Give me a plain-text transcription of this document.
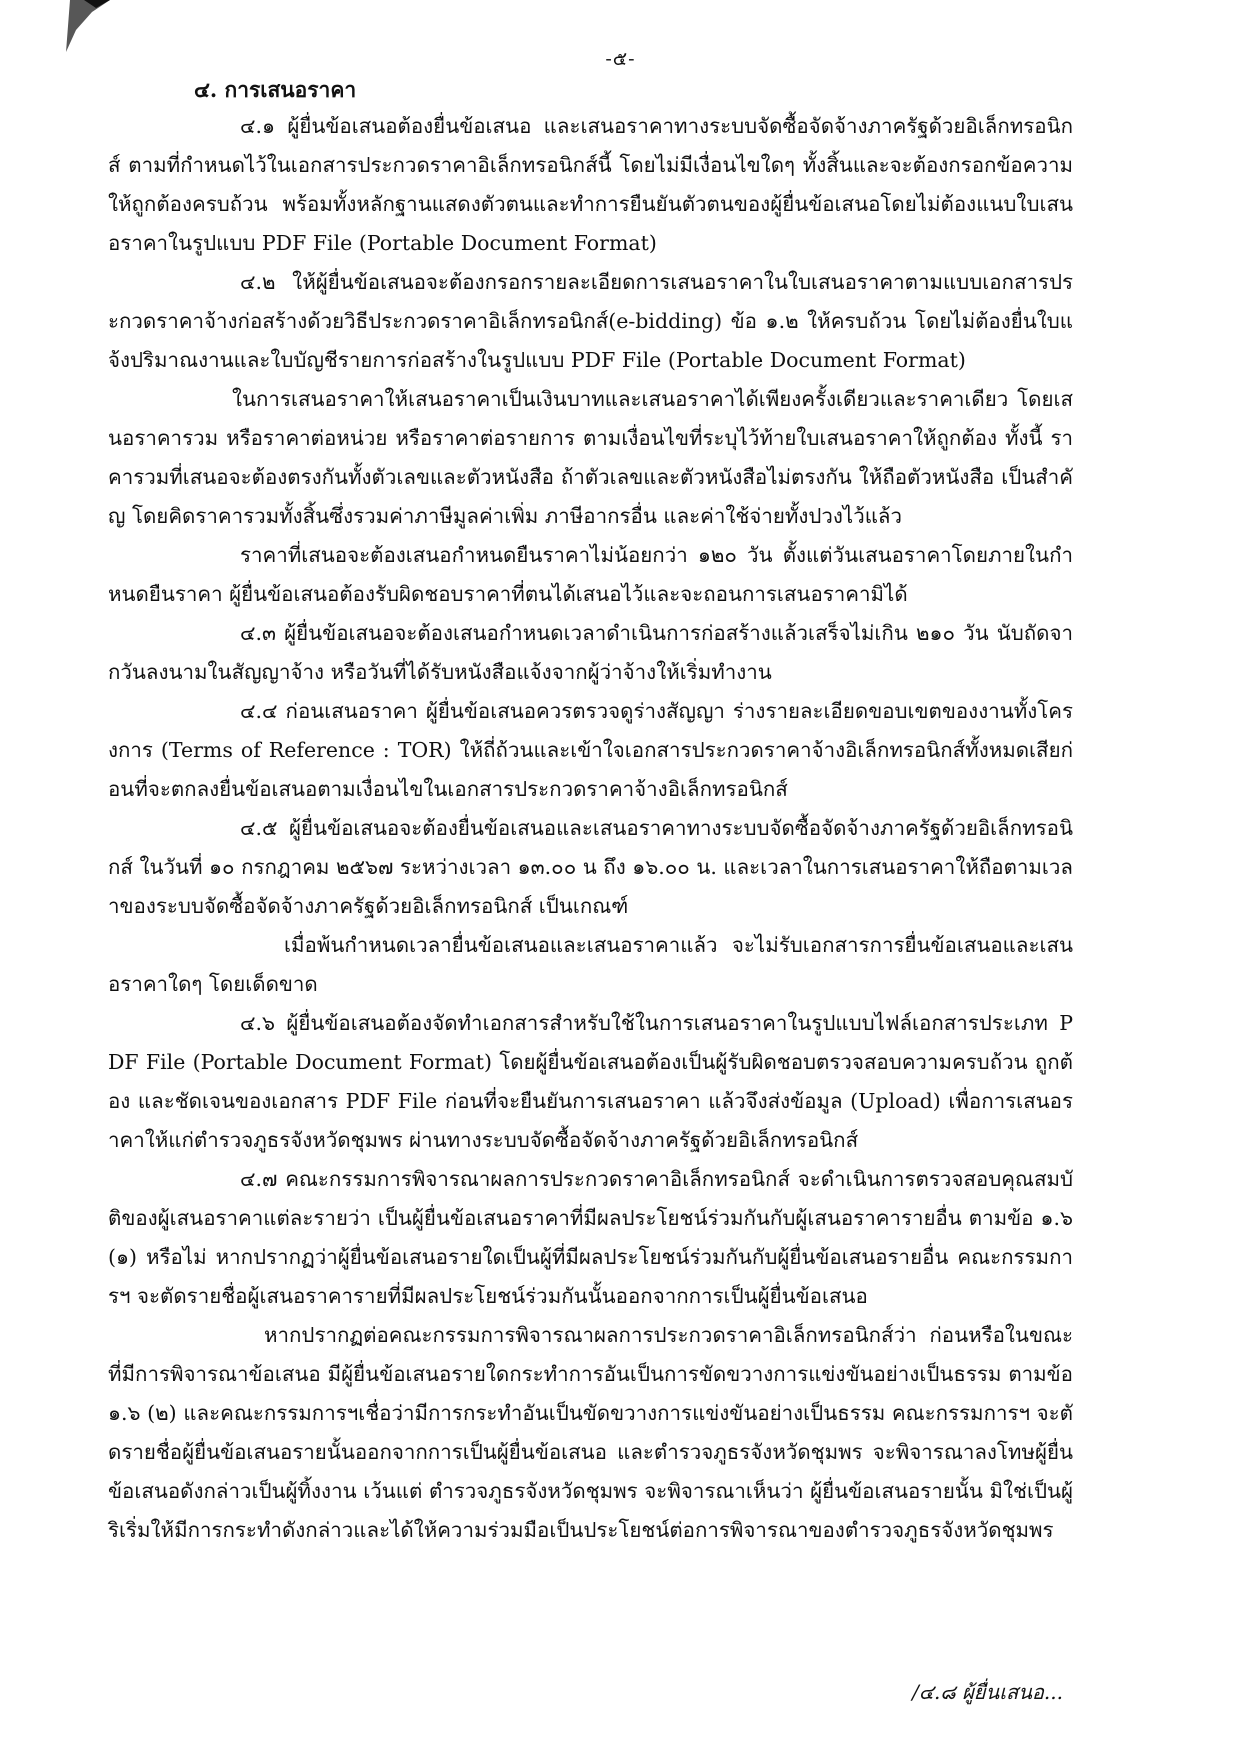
-๕-
๔. การเสนอราคา

๔.๑ ผู้ยื่นข้อเสนอต้องยื่นข้อเสนอ และเสนอราคาทางระบบจัดซื้อจัดจ้างภาครัฐด้วยอิเล็กทรอนิกส์ ตามที่กำหนดไว้ในเอกสารประกวดราคาอิเล็กทรอนิกส์นี้ โดยไม่มีเงื่อนไขใดๆ ทั้งสิ้นและจะต้องกรอกข้อความให้ถูกต้องครบถ้วน พร้อมทั้งหลักฐานแสดงตัวตนและทำการยืนยันตัวตนของผู้ยื่นข้อเสนอโดยไม่ต้องแนบใบเสนอราคาในรูปแบบ PDF File (Portable Document Format)

๔.๒ ให้ผู้ยื่นข้อเสนอจะต้องกรอกรายละเอียดการเสนอราคาในใบเสนอราคาตามแบบเอกสารประกวดราคาจ้างก่อสร้างด้วยวิธีประกวดราคาอิเล็กทรอนิกส์(e-bidding) ข้อ ๑.๒ ให้ครบถ้วน โดยไม่ต้องยื่นใบแจ้งปริมาณงานและใบบัญชีรายการก่อสร้างในรูปแบบ PDF File (Portable Document Format)

ในการเสนอราคาให้เสนอราคาเป็นเงินบาทและเสนอราคาได้เพียงครั้งเดียวและราคาเดียว โดยเสนอราคารวม หรือราคาต่อหน่วย หรือราคาต่อรายการ ตามเงื่อนไขที่ระบุไว้ท้ายใบเสนอราคาให้ถูกต้อง ทั้งนี้ ราคารวมที่เสนอจะต้องตรงกันทั้งตัวเลขและตัวหนังสือ ถ้าตัวเลขและตัวหนังสือไม่ตรงกัน ให้ถือตัวหนังสือ เป็นสำคัญ โดยคิดราคารวมทั้งสิ้นซึ่งรวมค่าภาษีมูลค่าเพิ่ม ภาษีอากรอื่น และค่าใช้จ่ายทั้งปวงไว้แล้ว

ราคาที่เสนอจะต้องเสนอกำหนดยืนราคาไม่น้อยกว่า ๑๒๐ วัน ตั้งแต่วันเสนอราคาโดยภายในกำหนดยืนราคา ผู้ยื่นข้อเสนอต้องรับผิดชอบราคาที่ตนได้เสนอไว้และจะถอนการเสนอราคามิได้

๔.๓ ผู้ยื่นข้อเสนอจะต้องเสนอกำหนดเวลาดำเนินการก่อสร้างแล้วเสร็จไม่เกิน ๒๑๐ วัน นับถัดจากวันลงนามในสัญญาจ้าง หรือวันที่ได้รับหนังสือแจ้งจากผู้ว่าจ้างให้เริ่มทำงาน

๔.๔ ก่อนเสนอราคา ผู้ยื่นข้อเสนอควรตรวจดูร่างสัญญา ร่างรายละเอียดขอบเขตของงานทั้งโครงการ (Terms of Reference : TOR) ให้ถี่ถ้วนและเข้าใจเอกสารประกวดราคาจ้างอิเล็กทรอนิกส์ทั้งหมดเสียก่อนที่จะตกลงยื่นข้อเสนอตามเงื่อนไขในเอกสารประกวดราคาจ้างอิเล็กทรอนิกส์

๔.๕ ผู้ยื่นข้อเสนอจะต้องยื่นข้อเสนอและเสนอราคาทางระบบจัดซื้อจัดจ้างภาครัฐด้วยอิเล็กทรอนิกส์ ในวันที่ ๑๐ กรกฎาคม ๒๕๖๗ ระหว่างเวลา ๑๓.๐๐ น ถึง ๑๖.๐๐ น. และเวลาในการเสนอราคาให้ถือตามเวลาของระบบจัดซื้อจัดจ้างภาครัฐด้วยอิเล็กทรอนิกส์ เป็นเกณฑ์

เมื่อพ้นกำหนดเวลายื่นข้อเสนอและเสนอราคาแล้ว จะไม่รับเอกสารการยื่นข้อเสนอและเสนอราคาใดๆ โดยเด็ดขาด

๔.๖ ผู้ยื่นข้อเสนอต้องจัดทำเอกสารสำหรับใช้ในการเสนอราคาในรูปแบบไฟล์เอกสารประเภท PDF File (Portable Document Format) โดยผู้ยื่นข้อเสนอต้องเป็นผู้รับผิดชอบตรวจสอบความครบถ้วน ถูกต้อง และชัดเจนของเอกสาร PDF File ก่อนที่จะยืนยันการเสนอราคา แล้วจึงส่งข้อมูล (Upload) เพื่อการเสนอราคาให้แก่ตำรวจภูธรจังหวัดชุมพร ผ่านทางระบบจัดซื้อจัดจ้างภาครัฐด้วยอิเล็กทรอนิกส์

๔.๗ คณะกรรมการพิจารณาผลการประกวดราคาอิเล็กทรอนิกส์ จะดำเนินการตรวจสอบคุณสมบัติของผู้เสนอราคาแต่ละรายว่า เป็นผู้ยื่นข้อเสนอราคาที่มีผลประโยชน์ร่วมกันกับผู้เสนอราคารายอื่น ตามข้อ ๑.๖ (๑) หรือไม่ หากปรากฏว่าผู้ยื่นข้อเสนอรายใดเป็นผู้ที่มีผลประโยชน์ร่วมกันกับผู้ยื่นข้อเสนอรายอื่น คณะกรรมการฯ จะตัดรายชื่อผู้เสนอราคารายที่มีผลประโยชน์ร่วมกันนั้นออกจากการเป็นผู้ยื่นข้อเสนอ

หากปรากฏต่อคณะกรรมการพิจารณาผลการประกวดราคาอิเล็กทรอนิกส์ว่า ก่อนหรือในขณะที่มีการพิจารณาข้อเสนอ มีผู้ยื่นข้อเสนอรายใดกระทำการอันเป็นการขัดขวางการแข่งขันอย่างเป็นธรรม ตามข้อ ๑.๖ (๒) และคณะกรรมการฯเชื่อว่ามีการกระทำอันเป็นขัดขวางการแข่งขันอย่างเป็นธรรม คณะกรรมการฯ จะตัดรายชื่อผู้ยื่นข้อเสนอรายนั้นออกจากการเป็นผู้ยื่นข้อเสนอ และตำรวจภูธรจังหวัดชุมพร จะพิจารณาลงโทษผู้ยื่นข้อเสนอดังกล่าวเป็นผู้ทิ้งงาน เว้นแต่ ตำรวจภูธรจังหวัดชุมพร จะพิจารณาเห็นว่า ผู้ยื่นข้อเสนอรายนั้น มิใช่เป็นผู้ริเริ่มให้มีการกระทำดังกล่าวและได้ให้ความร่วมมือเป็นประโยชน์ต่อการพิจารณาของตำรวจภูธรจังหวัดชุมพร

/๔.๘ ผู้ยื่นเสนอ...
